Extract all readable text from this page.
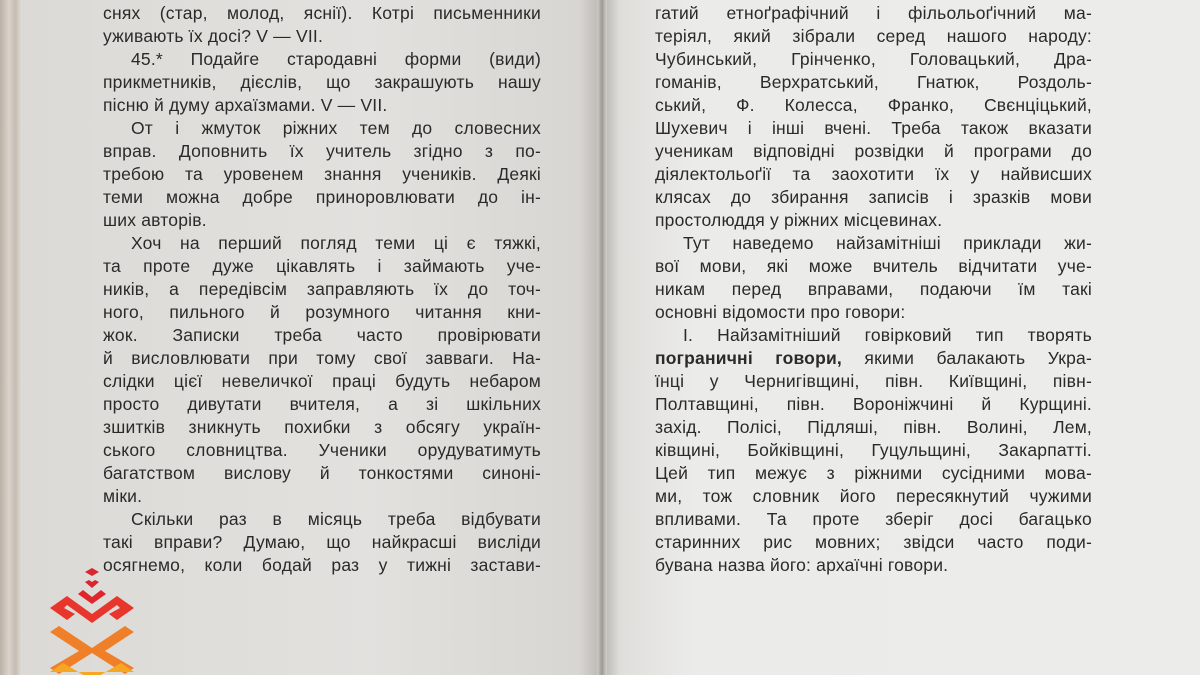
снях (стар, молод, яснії). Котрі письменники
уживають їх досі? V — VII.
45.* Подайге стародавні форми (види)
прикметників, дієслів, що закрашують нашу
пісню й думу архаїзмами. V — VII.
От і жмуток ріжних тем до словесних
вправ. Доповнить їх учитель згідно з по-
требою та уровенем знання учеників. Деякі
теми можна добре приноровлювати до ін-
ших авторів.
Хоч на перший погляд теми ці є тяжкі,
та проте дуже цікавлять і займають уче-
ників, а передівсім заправляють їх до точ-
ного, пильного й розумного читання кни-
жок. Записки треба часто провірювати
й висловлювати при тому свої завваги. На-
слідки цієї невеличкої праці будуть небаром
просто дивутати вчителя, а зі шкільних
зшитків зникнуть похибки з обсягу україн-
ського словництва. Ученики орудуватимуть
багатством вислову й тонкостями синоні-
міки.
Скільки раз в місяць треба відбувати
такі вправи? Думаю, що найкрасші висліди
осягнемо, коли бодай раз у тижні застави-
гатий етноґрафічний і фільольоґічний ма-
теріял, який зібрали серед нашого народу:
Чубинський, Грінченко, Головацький, Дра-
гоманів, Верхратський, Гнатюк, Роздоль-
ський, Ф. Колесса, Франко, Свєнціцький,
Шухевич і інші вчені. Треба також вказати
ученикам відповідні розвідки й програми до
діялектольоґії та заохотити їх у найвисших
клясах до збирання записів і зразків мови
простолюддя у ріжних місцевинах.
Тут наведемо найзамітніші приклади жи-
вої мови, які може вчитель відчитати уче-
никам перед вправами, подаючи їм такі
основні відомости про говори:
I. Найзамітніший говірковий тип творять
пограничні говори, якими балакають Укра-
їнці у Чернигівщині, півн. Київщині, півн-
Полтавщині, півн. Вороніжчині й Курщині.
захід. Полісі, Підляші, півн. Волині, Лем,
ківщині, Бойківщині, Гуцульщині, Закарпатті.
Цей тип межує з ріжними сусідними мова-
ми, тож словник його пересякнутий чужими
впливами. Та проте зберіг досі багацько
старинних рис мовних; звідси часто поди-
бувана назва його: архаїчні говори.
